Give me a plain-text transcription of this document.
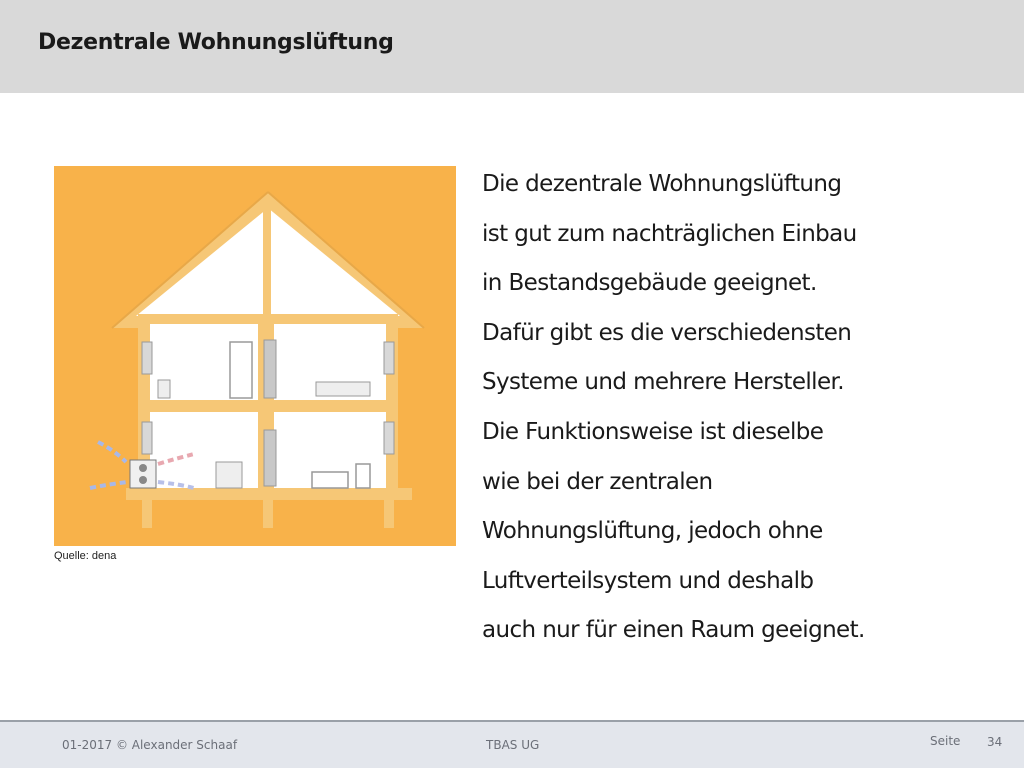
Dezentrale Wohnungslüftung
Quelle: dena
Die dezentrale Wohnungslüftung
ist gut zum nachträglichen Einbau
in Bestandsgebäude geeignet.
Dafür gibt es die verschiedensten
Systeme und mehrere Hersteller.
Die Funktionsweise ist dieselbe
wie bei der zentralen
Wohnungslüftung, jedoch ohne
Luftverteilsystem und deshalb
auch nur für einen Raum geeignet.
01-2017 © Alexander Schaaf	TBAS UG	Seite 34
